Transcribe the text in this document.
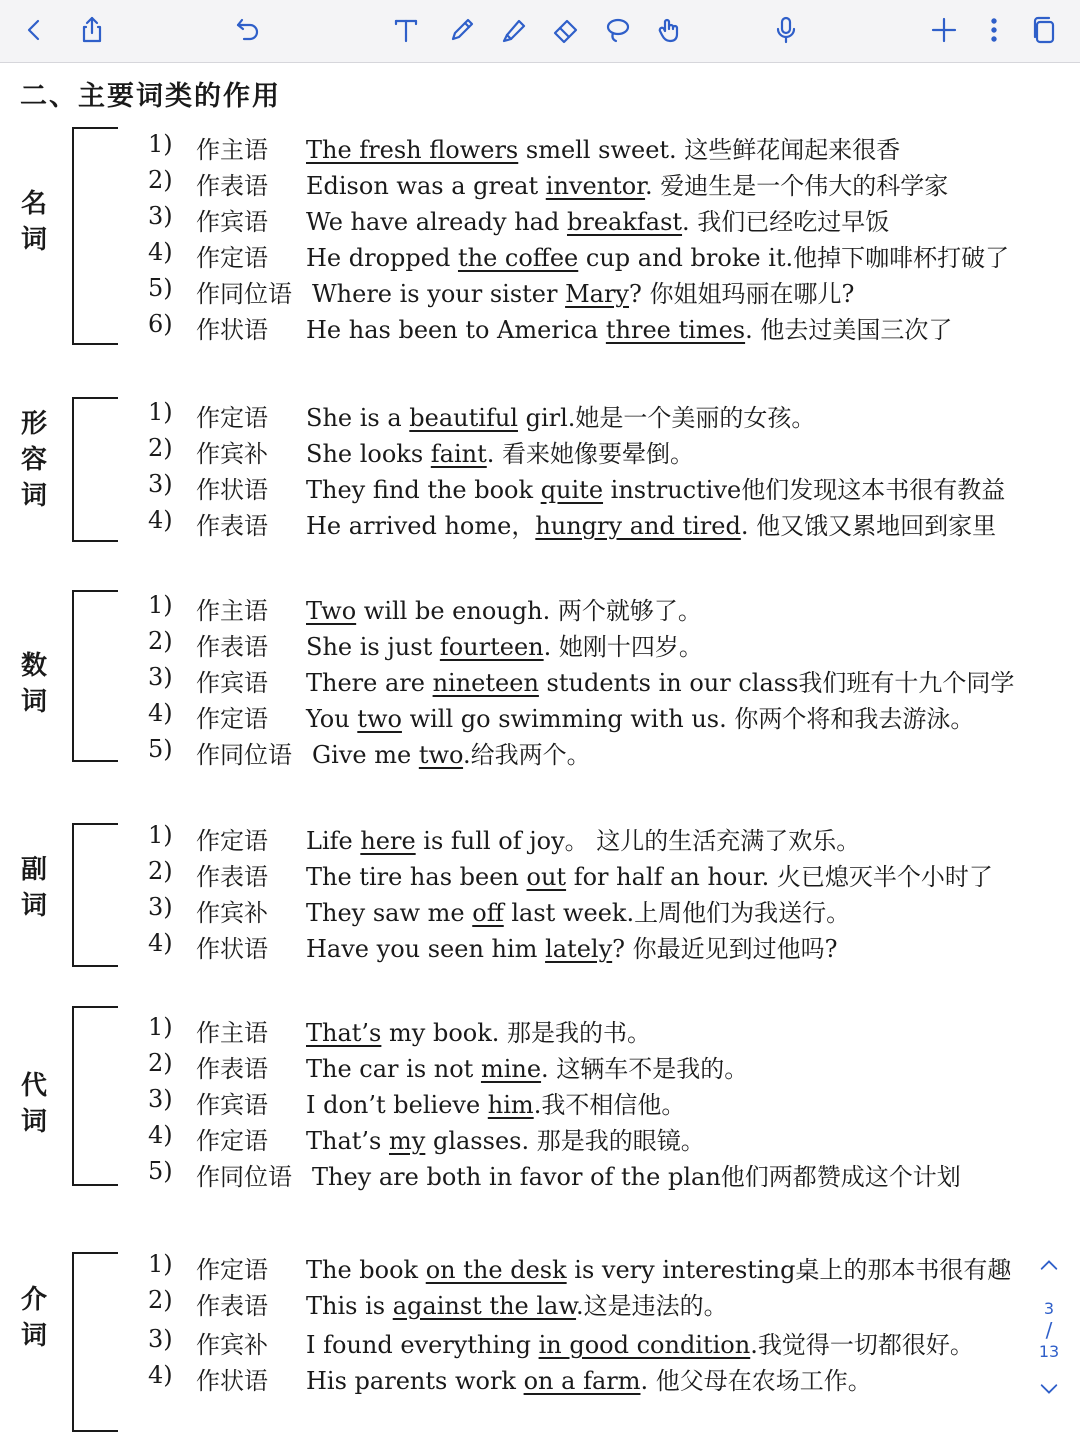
二、主要词类的作用
名
词
1) 作主语 The fresh flowers smell sweet. 这些鲜花闻起来很香
2) 作表语 Edison was a great inventor. 爱迪生是一个伟大的科学家
3) 作宾语 We have already had breakfast. 我们已经吃过早饭
4) 作定语 He dropped the coffee cup and broke it.他掉下咖啡杯打破了
5) 作同位语 Where is your sister Mary? 你姐姐玛丽在哪儿?
6) 作状语 He has been to America three times. 他去过美国三次了
形
容
词
1) 作定语 She is a beautiful girl.她是一个美丽的女孩。
2) 作宾补 She looks faint. 看来她像要晕倒。
3) 作状语 They find the book quite instructive他们发现这本书很有教益
4) 作表语 He arrived home，hungry and tired. 他又饿又累地回到家里
数
词
1) 作主语 Two will be enough. 两个就够了。
2) 作表语 She is just fourteen. 她刚十四岁。
3) 作宾语 There are nineteen students in our class我们班有十九个同学
4) 作定语 You two will go swimming with us. 你两个将和我去游泳。
5) 作同位语 Give me two.给我两个。
副
词
1) 作定语 Life here is full of joy。 这儿的生活充满了欢乐。
2) 作表语 The tire has been out for half an hour. 火已熄灭半个小时了
3) 作宾补 They saw me off last week.上周他们为我送行。
4) 作状语 Have you seen him lately? 你最近见到过他吗?
代
词
1) 作主语 That’s my book. 那是我的书。
2) 作表语 The car is not mine. 这辆车不是我的。
3) 作宾语 I don’t believe him.我不相信他。
4) 作定语 That’s my glasses. 那是我的眼镜。
5) 作同位语 They are both in favor of the plan他们两都赞成这个计划
介
词
1) 作定语 The book on the desk is very interesting桌上的那本书很有趣
2) 作表语 This is against the law.这是违法的。
3) 作宾补 I found everything in good condition.我觉得一切都很好。
4) 作状语 His parents work on a farm. 他父母在农场工作。
3
/
13
